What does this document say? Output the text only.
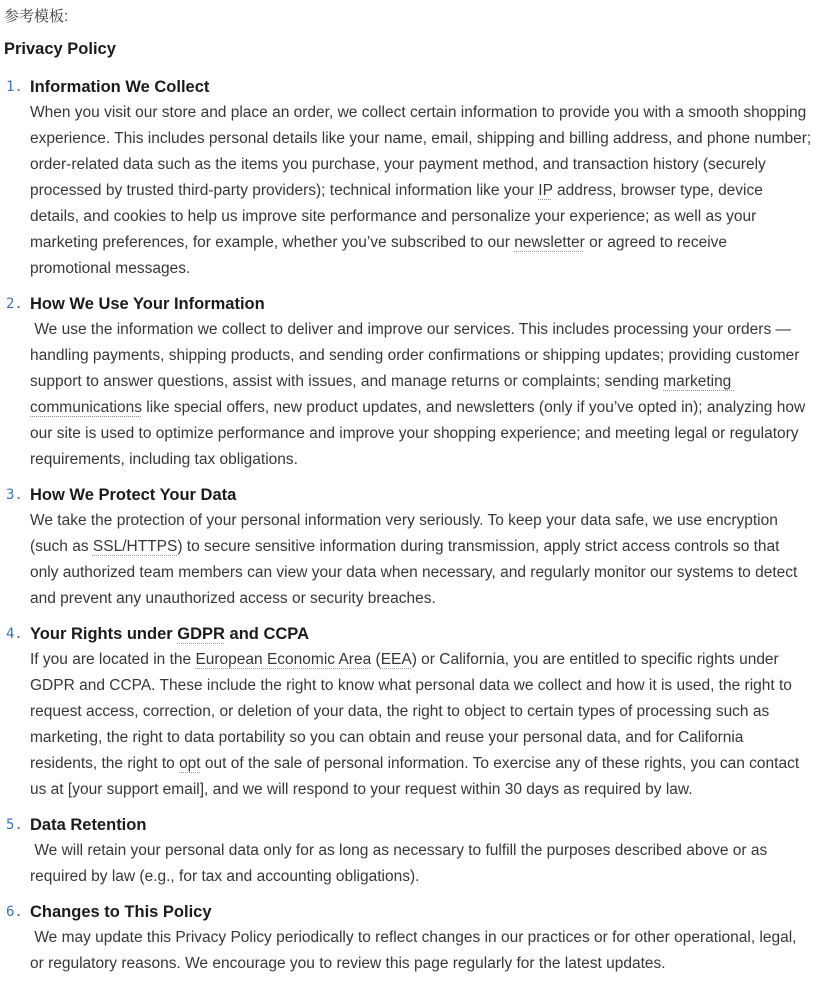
参考模板:
Privacy Policy
1. Information We Collect
When you visit our store and place an order, we collect certain information to provide you with a smooth shopping experience. This includes personal details like your name, email, shipping and billing address, and phone number; order-related data such as the items you purchase, your payment method, and transaction history (securely processed by trusted third-party providers); technical information like your IP address, browser type, device details, and cookies to help us improve site performance and personalize your experience; as well as your marketing preferences, for example, whether you’ve subscribed to our newsletter or agreed to receive promotional messages.
2. How We Use Your Information
We use the information we collect to deliver and improve our services. This includes processing your orders — handling payments, shipping products, and sending order confirmations or shipping updates; providing customer support to answer questions, assist with issues, and manage returns or complaints; sending marketing communications like special offers, new product updates, and newsletters (only if you’ve opted in); analyzing how our site is used to optimize performance and improve your shopping experience; and meeting legal or regulatory requirements, including tax obligations.
3. How We Protect Your Data
We take the protection of your personal information very seriously. To keep your data safe, we use encryption (such as SSL/HTTPS) to secure sensitive information during transmission, apply strict access controls so that only authorized team members can view your data when necessary, and regularly monitor our systems to detect and prevent any unauthorized access or security breaches.
4. Your Rights under GDPR and CCPA
If you are located in the European Economic Area (EEA) or California, you are entitled to specific rights under GDPR and CCPA. These include the right to know what personal data we collect and how it is used, the right to request access, correction, or deletion of your data, the right to object to certain types of processing such as marketing, the right to data portability so you can obtain and reuse your personal data, and for California residents, the right to opt out of the sale of personal information. To exercise any of these rights, you can contact us at [your support email], and we will respond to your request within 30 days as required by law.
5. Data Retention
We will retain your personal data only for as long as necessary to fulfill the purposes described above or as required by law (e.g., for tax and accounting obligations).
6. Changes to This Policy
We may update this Privacy Policy periodically to reflect changes in our practices or for other operational, legal, or regulatory reasons. We encourage you to review this page regularly for the latest updates.
